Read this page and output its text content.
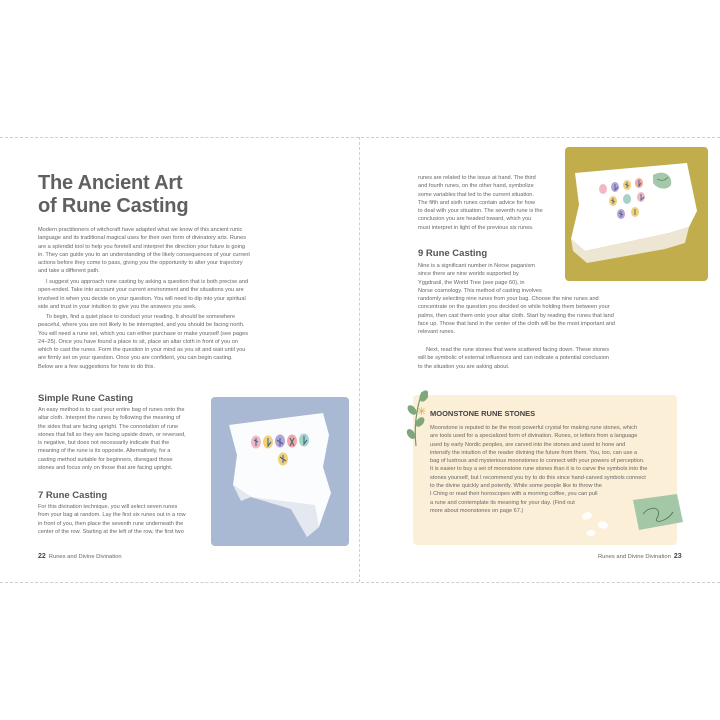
The Ancient Art
of Rune Casting
Modern practitioners of witchcraft have adapted what we know of this ancient runic
language and its traditional magical uses for their own form of divinatory arts. Runes
are a splendid tool to help you foretell and interpret the direction your future is going
in. They can guide you to an understanding of the likely consequences of your current
actions before they come to pass, giving you the opportunity to alter your trajectory
and take a different path.
I suggest you approach rune casting by asking a question that is both precise and
open-ended. Take into account your current environment and the situations you are
involved in when you decide on your question. You will need to dip into your spiritual
side and trust in your intuition to give you the answers you seek.
To begin, find a quiet place to conduct your reading. It should be somewhere
peaceful, where you are not likely to be interrupted, and you should be facing north.
You will need a rune set, which you can either purchase or make yourself (see pages
24–25). Once you have found a place to sit, place an altar cloth in front of you on
which to cast the runes. Form the question in your mind as you sit and wait until you
are firmly set on your question. Once you are confident, you can begin casting.
Below are a few suggestions for how to do this.
Simple Rune Casting
An easy method is to cast your entire bag of runes onto the
altar cloth. Interpret the runes by following the meaning of
the sides that are facing upright. The connotation of rune
stones that fall so they are facing upside down, or reversed,
is negative, but does not necessarily indicate that the
meaning of the rune is its opposite. Alternatively, for a
casting method suitable for beginners, disregard those
stones and focus only on those that are facing upright.
7 Rune Casting
For this divination technique, you will select seven runes
from your bag at random. Lay the first six runes out in a row
in front of you, then place the seventh rune underneath the
center of the row. Starting at the left of the row, the first two
22 Runes and Divine Divination
runes are related to the issue at hand. The third
and fourth runes, on the other hand, symbolize
some variables that led to the current situation.
The fifth and sixth runes contain advice for how
to deal with your situation. The seventh rune is the
conclusion you are headed toward, which you
must interpret in light of the previous six runes.
9 Rune Casting
Nine is a significant number in Norse paganism
since there are nine worlds supported by
Yggdrasil, the World Tree (see page 60), in
Norse cosmology. This method of casting involves
randomly selecting nine runes from your bag. Choose the nine runes and
concentrate on the question you decided on while holding them between your
palms, then cast them onto your altar cloth. Start by reading the runes that land
face up. Those that land in the center of the cloth will be the most important and
relevant runes.
Next, read the rune stones that were scattered facing down. These stones
will be symbolic of external influences and can indicate a potential conclusion
to the situation you are asking about.
✳ MOONSTONE RUNE STONES
Moonstone is reputed to be the most powerful crystal for making rune stones, which
are tools used for a specialized form of divination. Runes, or letters from a language
used by early Nordic peoples, are carved into the stones and used to hone and
intensify the intuition of the reader divining the future from them. You, too, can use a
bag of lustrous and mysterious moonstones to connect with your powers of perception.
It is easier to buy a set of moonstone rune stones than it is to carve the symbols into the
stones yourself, but I recommend you try to do this since hand-carved symbols connect
to the divine quickly and potently. While some people like to throw the
I Ching or read their horoscopes with a morning coffee, you can pull
a rune and contemplate its meaning for your day. (Find out
more about moonstones on page 67.)
Runes and Divine Divination 23
